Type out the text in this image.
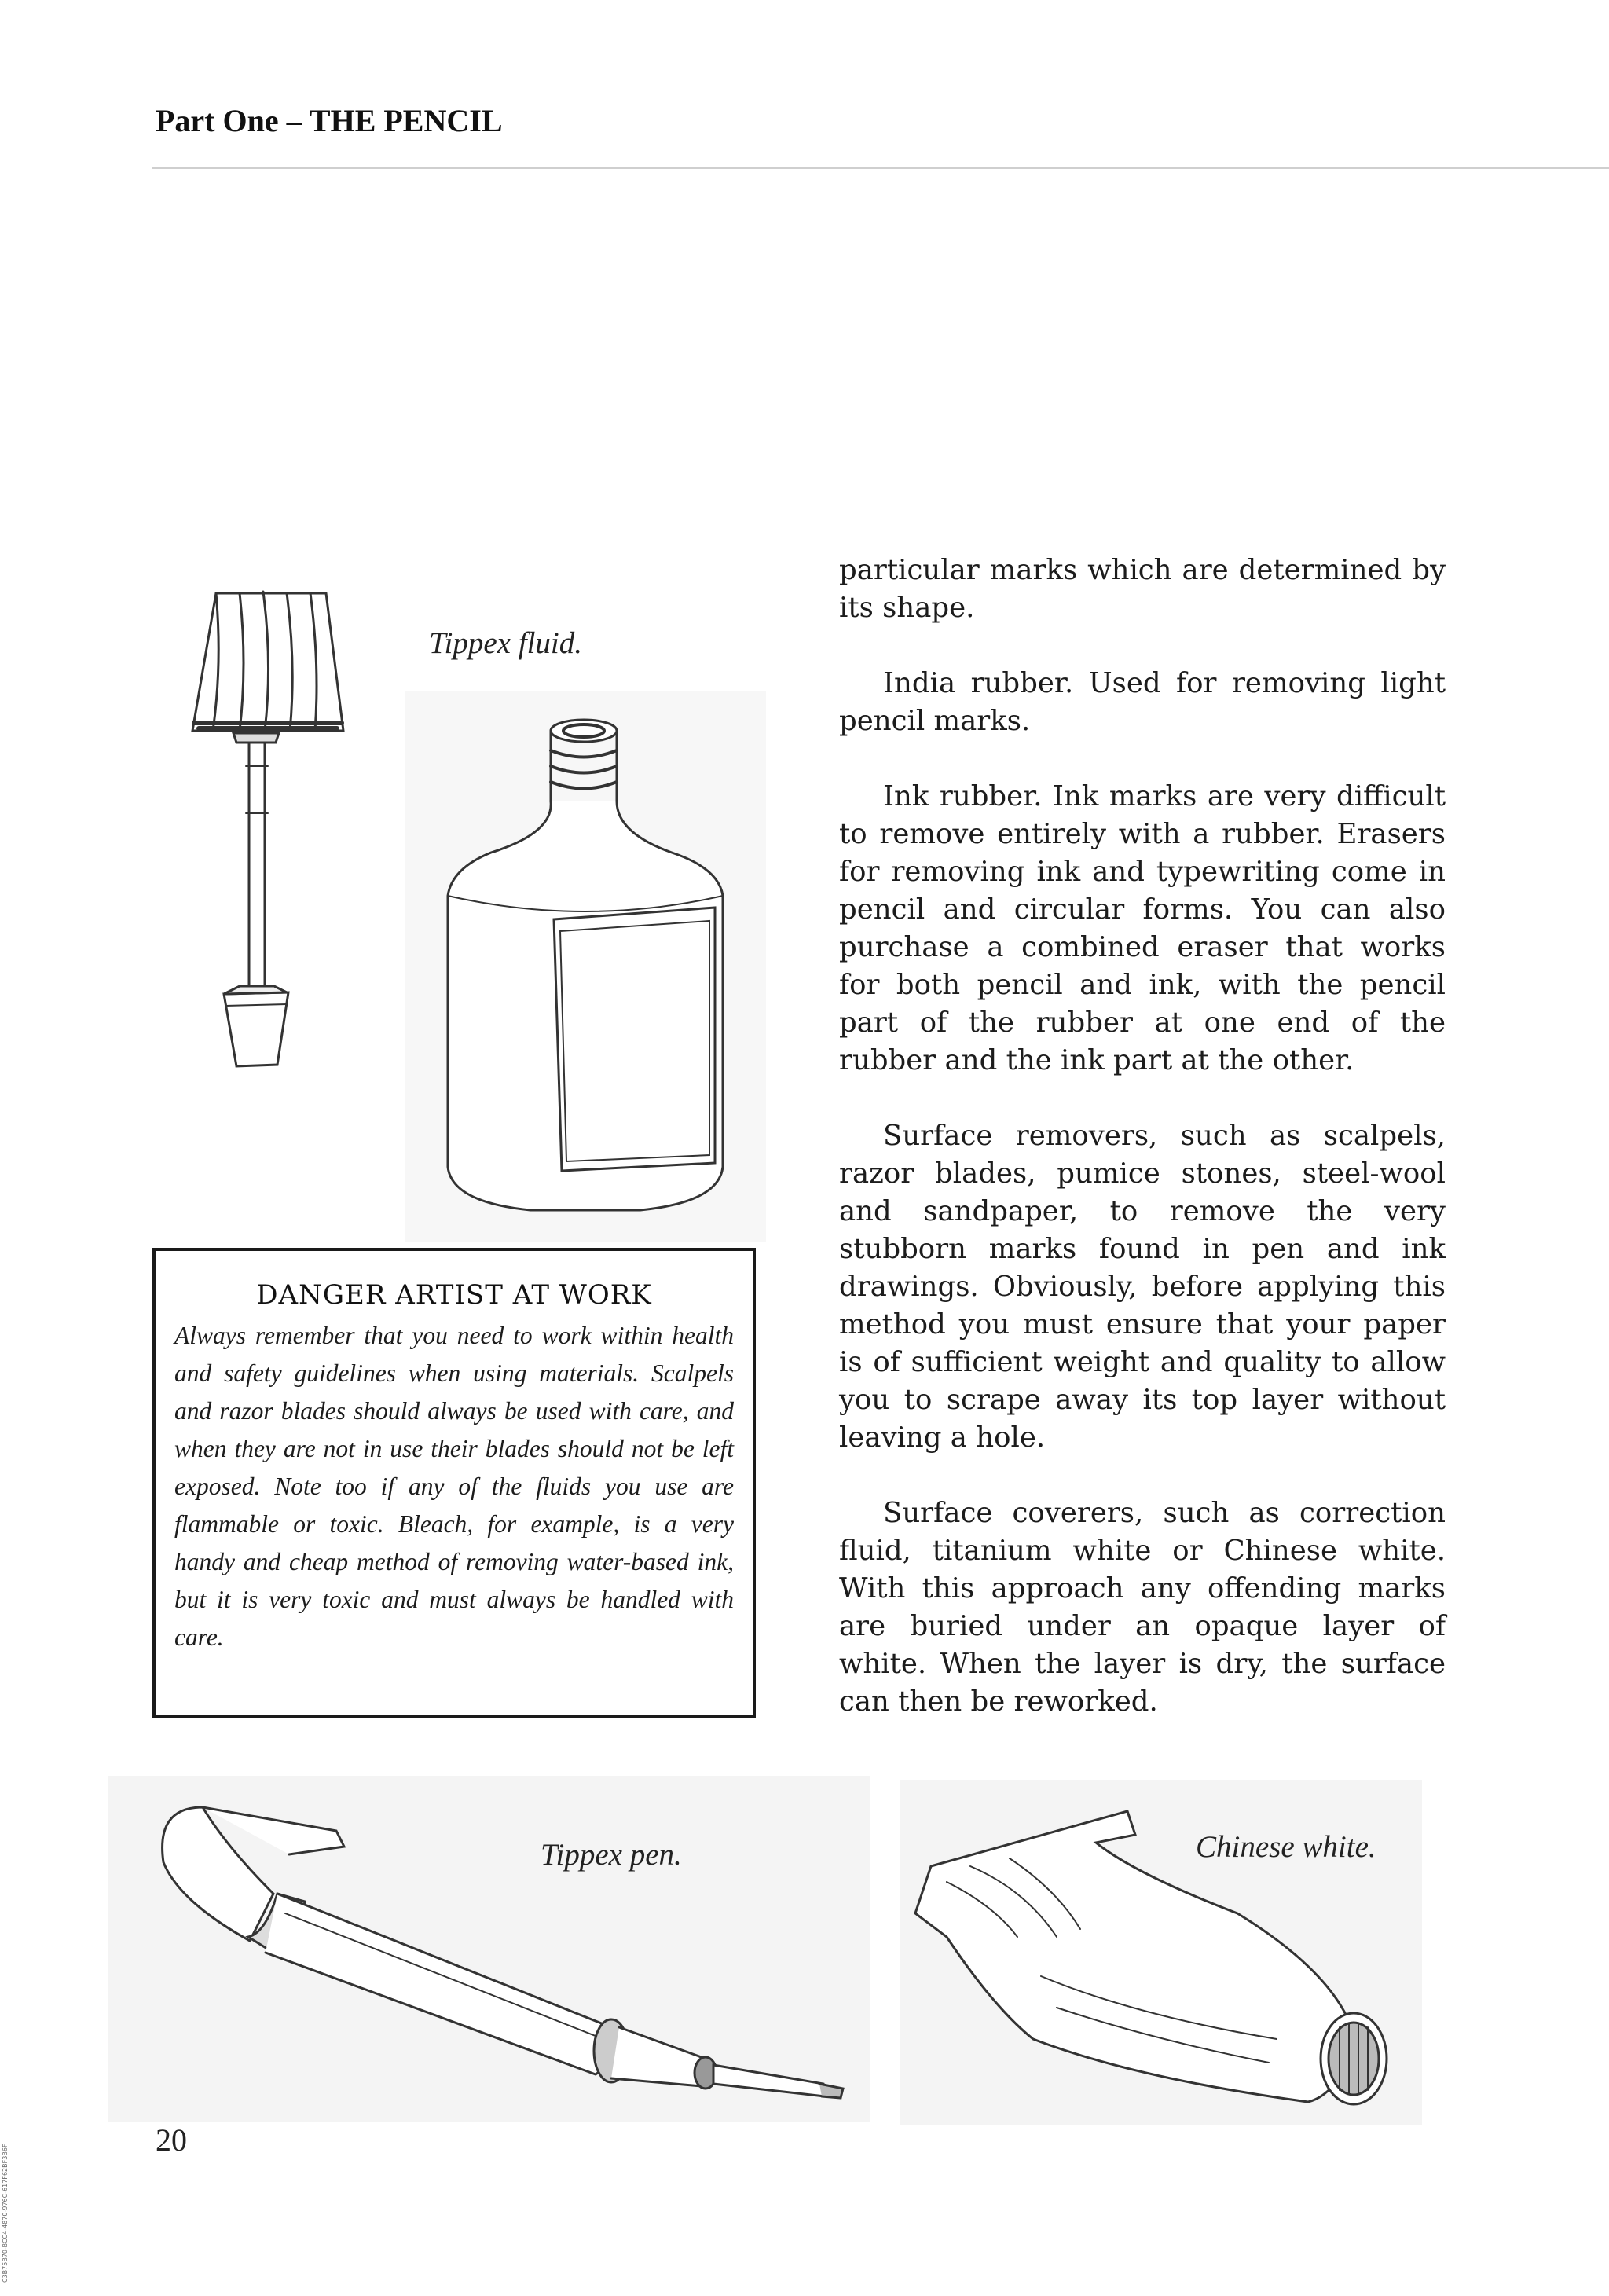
Part One – THE PENCIL
Tippex fluid.

particular marks which are determined by its shape.

India rubber. Used for removing light pencil marks.

Ink rubber. Ink marks are very difficult to remove entirely with a rubber. Erasers for removing ink and typewriting come in pencil and circular forms. You can also purchase a combined eraser that works for both pencil and ink, with the pencil part of the rubber at one end of the rubber and the ink part at the other.

Surface removers, such as scalpels, razor blades, pumice stones, steel-wool and sandpaper, to remove the very stubborn marks found in pen and ink drawings. Obviously, before applying this method you must ensure that your paper is of sufficient weight and quality to allow you to scrape away its top layer without leaving a hole.

Surface coverers, such as correction fluid, titanium white or Chinese white. With this approach any offending marks are buried under an opaque layer of white. When the layer is dry, the surface can then be reworked.

DANGER ARTIST AT WORK
Always remember that you need to work within health and safety guidelines when using materials. Scalpels and razor blades should always be used with care, and when they are not in use their blades should not be left exposed. Note too if any of the fluids you use are flammable or toxic. Bleach, for example, is a very handy and cheap method of removing water-based ink, but it is very toxic and must always be handled with care.
Tippex pen.	Chinese white.
20
C3B75B70-BCC4-4870-976C-617F62BF3B6F
